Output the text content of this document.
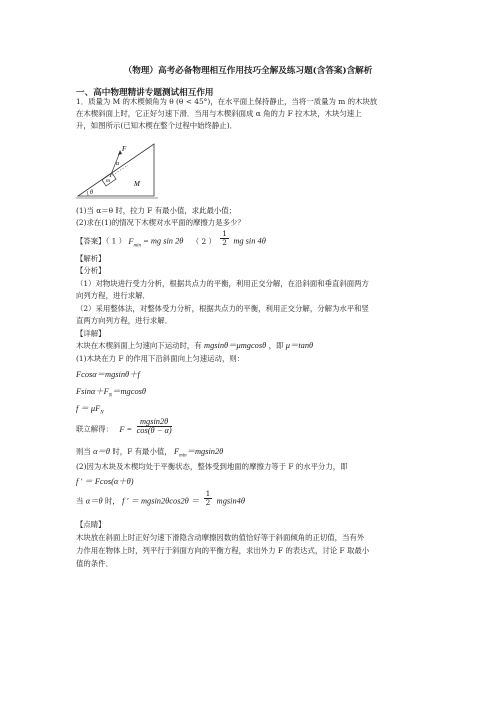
（物理）高考必备物理相互作用技巧全解及练习题(含答案)含解析
一、高中物理精讲专题测试相互作用
1．质量为 M 的木楔倾角为 θ (θ < 45°)，在水平面上保持静止，当将一质量为 m 的木块放
在木楔斜面上时，它正好匀速下滑．当用与木楔斜面成 α 角的力 F 拉木块，木块匀速上
升，如图所示(已知木楔在整个过程中始终静止)．
F
α
m	M
θ
(1)当 α＝θ 时，拉力 F 有最小值，求此最小值；
(2)求在(1)的情况下木楔对水平面的摩擦力是多少？
【答案】（ 1 ） $F_{min}$ = mg sin 2θ （ 2 ） $\frac{1}{2}$ mg sin 4θ
【解析】
【分析】
（1）对物块进行受力分析，根据共点力的平衡，利用正交分解，在沿斜面和垂直斜面两方
向列方程，进行求解．
（2）采用整体法，对整体受力分析，根据共点力的平衡，利用正交分解，分解为水平和竖
直两方向列方程，进行求解．
【详解】
木块在木楔斜面上匀速向下运动时，有 mgsinθ＝μmgcosθ ，即 μ＝tanθ
(1)木块在力 F 的作用下沿斜面向上匀速运动，则：
Fcosα＝mgsinθ＋f
$Fsin\alpha+F_N=mgcos\theta$
$f = \mu F_N$
联立解得： $F = \frac{mgsin2\theta}{\cos(\theta - \alpha)}$
则当 α＝θ 时，F 有最小值， $F_{min}=mgsin2\theta$
(2)因为木块及木楔均处于平衡状态，整体受到地面的摩擦力等于 F 的水平分力，即
f ′ ＝ Fcos(α＋θ)
当 α＝θ 时， f ′ ＝ $mgsin2\theta\cos 2\theta = \frac{1}{2} mgsin4\theta$
【点睛】
木块放在斜面上时正好匀速下滑隐含动摩擦因数的值恰好等于斜面倾角的正切值，当有外
力作用在物体上时，列平行于斜面方向的平衡方程，求出外力 F 的表达式，讨论 F 取最小
值的条件．
